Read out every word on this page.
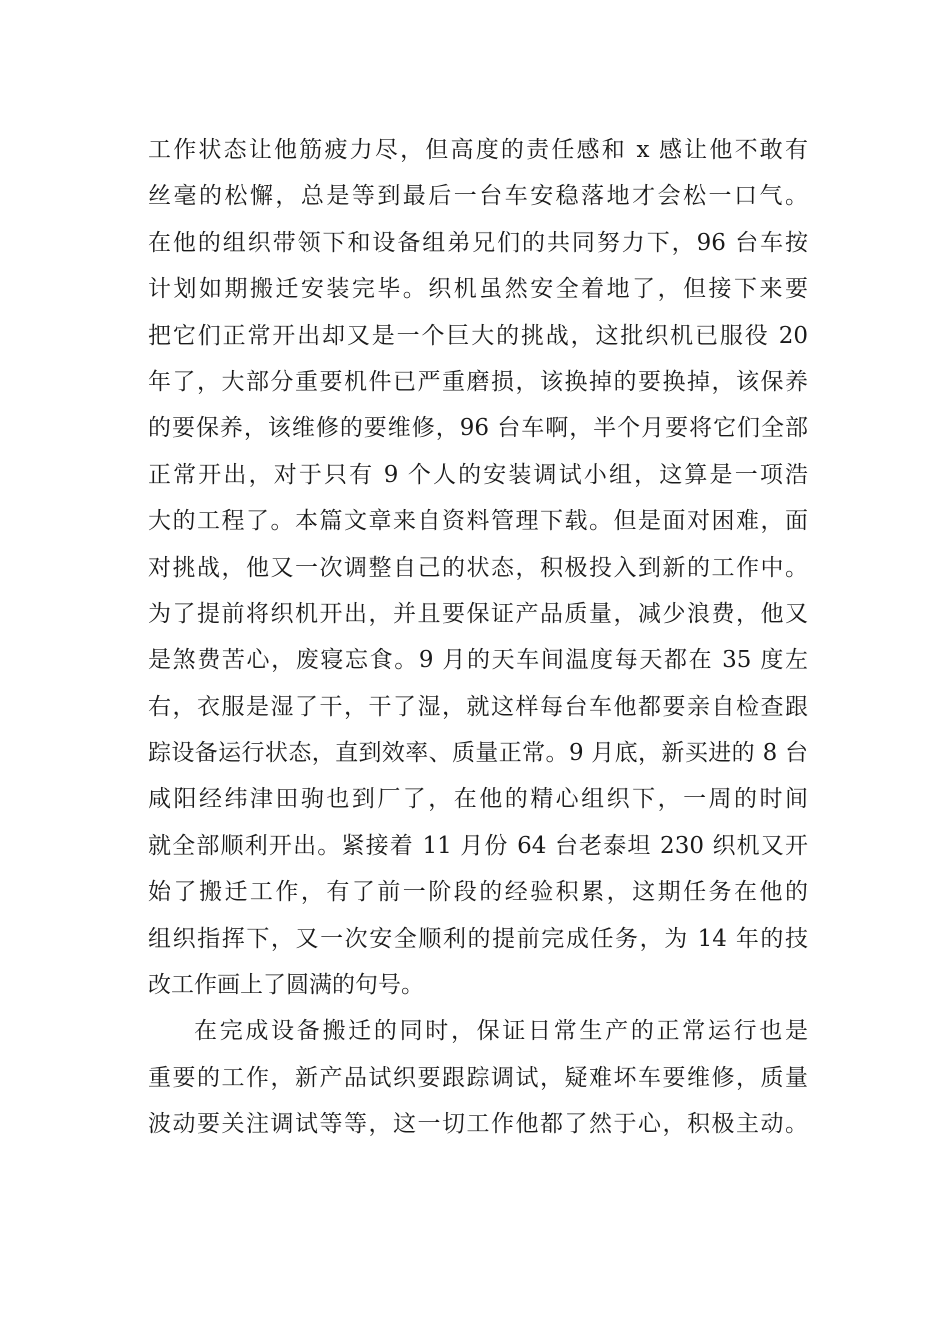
工作状态让他筋疲力尽，但高度的责任感和 x 感让他不敢有
丝毫的松懈，总是等到最后一台车安稳落地才会松一口气。
在他的组织带领下和设备组弟兄们的共同努力下，96 台车按
计划如期搬迁安装完毕。织机虽然安全着地了，但接下来要
把它们正常开出却又是一个巨大的挑战，这批织机已服役 20
年了，大部分重要机件已严重磨损，该换掉的要换掉，该保养
的要保养，该维修的要维修，96 台车啊，半个月要将它们全部
正常开出，对于只有 9 个人的安装调试小组，这算是一项浩
大的工程了。本篇文章来自资料管理下载。但是面对困难，面
对挑战，他又一次调整自己的状态，积极投入到新的工作中。
为了提前将织机开出，并且要保证产品质量，减少浪费，他又
是煞费苦心，废寝忘食。9 月的天车间温度每天都在 35 度左
右，衣服是湿了干，干了湿，就这样每台车他都要亲自检查跟
踪设备运行状态，直到效率、质量正常。9 月底，新买进的 8 台
咸阳经纬津田驹也到厂了，在他的精心组织下，一周的时间
就全部顺利开出。紧接着 11 月份 64 台老泰坦 230 织机又开
始了搬迁工作，有了前一阶段的经验积累，这期任务在他的
组织指挥下，又一次安全顺利的提前完成任务，为 14 年的技
改工作画上了圆满的句号。
在完成设备搬迁的同时，保证日常生产的正常运行也是
重要的工作，新产品试织要跟踪调试，疑难坏车要维修，质量
波动要关注调试等等，这一切工作他都了然于心，积极主动。
